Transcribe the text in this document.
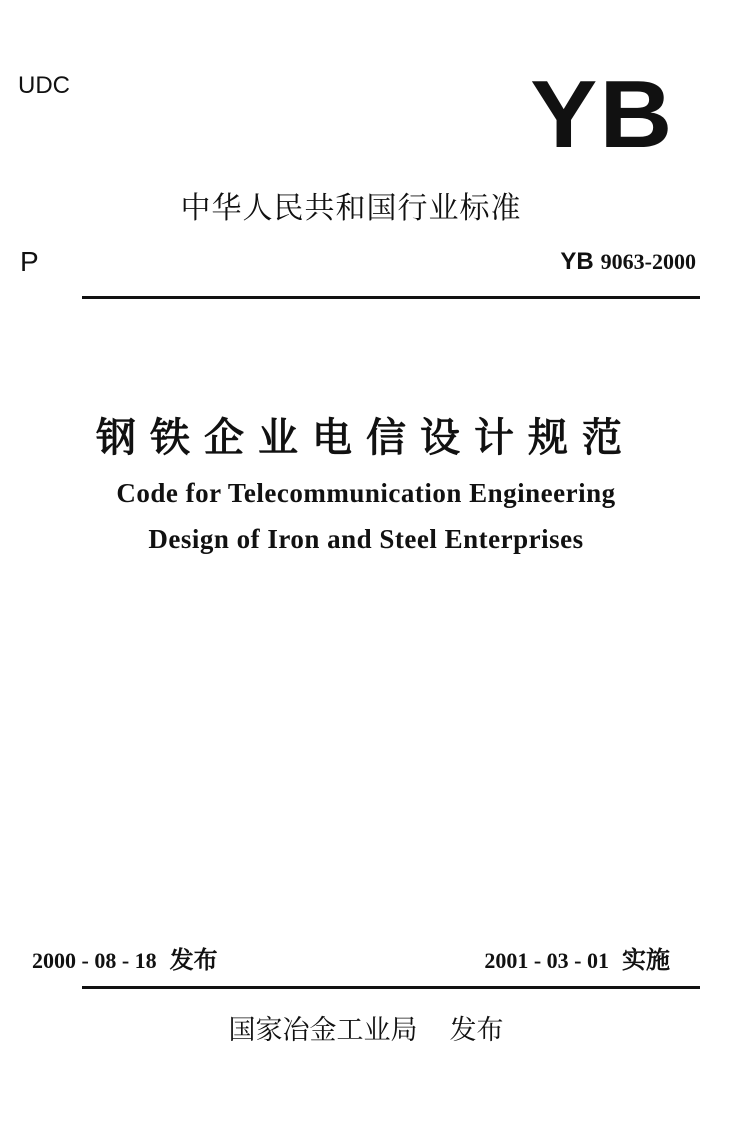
UDC	YB
中华人民共和国行业标准
P	YB 9063-2000
钢铁企业电信设计规范
Code for Telecommunication Engineering
Design of Iron and Steel Enterprises
2000 - 08 - 18 发布	2001 - 03 - 01 实施
国家冶金工业局 发布
